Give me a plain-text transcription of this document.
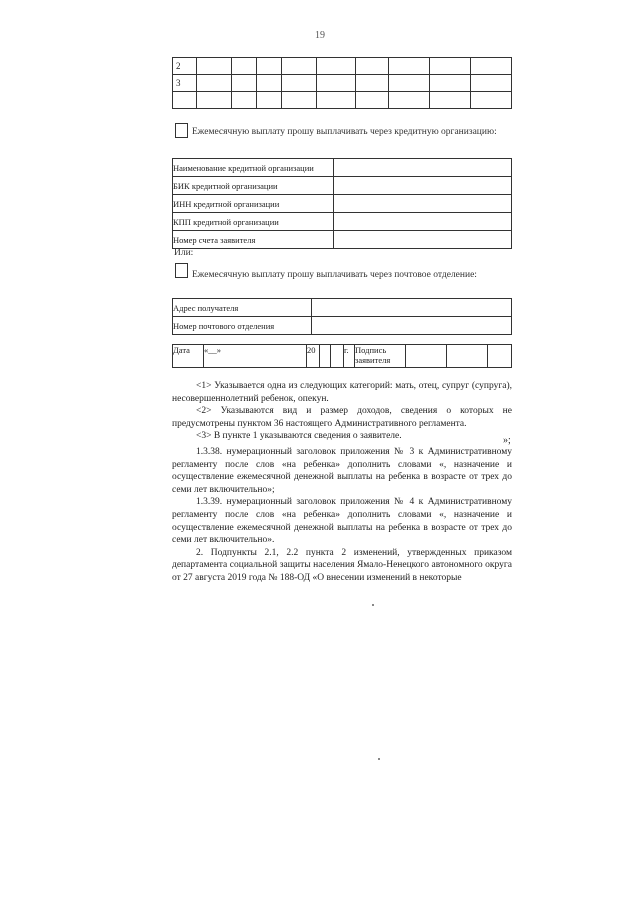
19
2									
3									

Ежемесячную выплату прошу выплачивать через кредитную организацию:
Наименование кредитной организации	
БИК кредитной организации	
ИНН кредитной организации	
КПП кредитной организации	
Номер счета заявителя	
Или:
Ежемесячную выплату прошу выплачивать через почтовое отделение:
Адрес получателя	
Номер почтового отделения	
Дата	«__»	20			г.	Подпись заявителя			

<1> Указывается одна из следующих категорий: мать, отец, супруг (супруга), несовершеннолетний ребенок, опекун.

<2> Указываются вид и размер доходов, сведения о которых не предусмотрены пунктом 36 настоящего Административного регламента.

<3> В пункте 1 указываются сведения о заявителе.	»;

1.3.38. нумерационный заголовок приложения № 3 к Административному регламенту после слов «на ребенка» дополнить словами «, назначение и осуществление ежемесячной денежной выплаты на ребенка в возрасте от трех до семи лет включительно»;

1.3.39. нумерационный заголовок приложения № 4 к Административному регламенту после слов «на ребенка» дополнить словами «, назначение и осуществление ежемесячной денежной выплаты на ребенка в возрасте от трех до семи лет включительно».

2. Подпункты 2.1, 2.2 пункта 2 изменений, утвержденных приказом департамента социальной защиты населения Ямало-Ненецкого автономного округа от 27 августа 2019 года № 188-ОД «О внесении изменений в некоторые
